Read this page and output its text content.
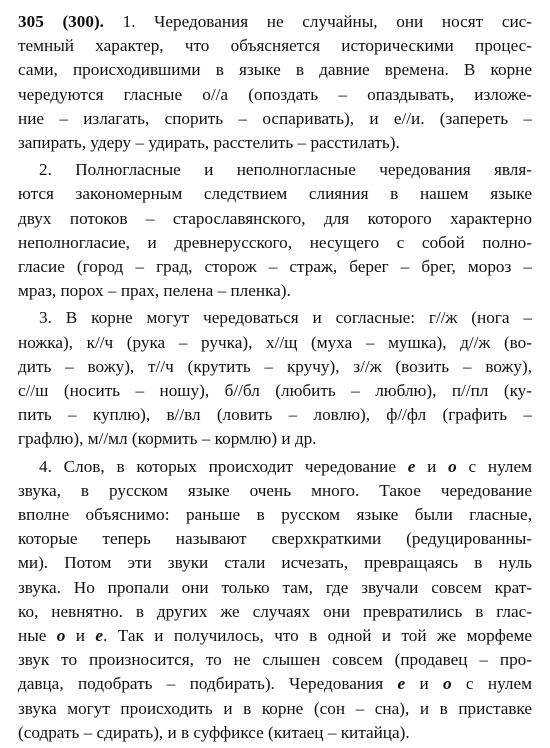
305 (300). 1. Чередования не случайны, они носят сис-
темный характер, что объясняется историческими процес-
сами, происходившими в языке в давние времена. В корне
чередуются гласные о//а (опоздать – опаздывать, изложе-
ние – излагать, спорить – оспаривать), и е//и. (запереть –
запирать, удеру – удирать, расстелить – расстилать).
2. Полногласные и неполногласные чередования явля-
ются закономерным следствием слияния в нашем языке
двух потоков – старославянского, для которого характерно
неполногласие, и древнерусского, несущего с собой полно-
гласие (город – град, сторож – страж, берег – брег, мороз –
мраз, порох – прах, пелена – пленка).
3. В корне могут чередоваться и согласные: г//ж (нога –
ножка), к//ч (рука – ручка), х//щ (муха – мушка), д//ж (во-
дить – вожу), т//ч (крутить – кручу), з//ж (возить – вожу),
с//ш (носить – ношу), б//бл (любить – люблю), п//пл (ку-
пить – куплю), в//вл (ловить – ловлю), ф//фл (графить –
графлю), м//мл (кормить – кормлю) и др.
4. Слов, в которых происходит чередование е и о с нулем
звука, в русском языке очень много. Такое чередование
вполне объяснимо: раньше в русском языке были гласные,
которые теперь называют сверхкраткими (редуцированны-
ми). Потом эти звуки стали исчезать, превращаясь в нуль
звука. Но пропали они только там, где звучали совсем крат-
ко, невнятно. в других же случаях они превратились в глас-
ные о и е. Так и получилось, что в одной и той же морфеме
звук то произносится, то не слышен совсем (продавец – про-
давца, подобрать – подбирать). Чередования е и о с нулем
звука могут происходить и в корне (сон – сна), и в приставке
(содрать – сдирать), и в суффиксе (китаец – китайца).
